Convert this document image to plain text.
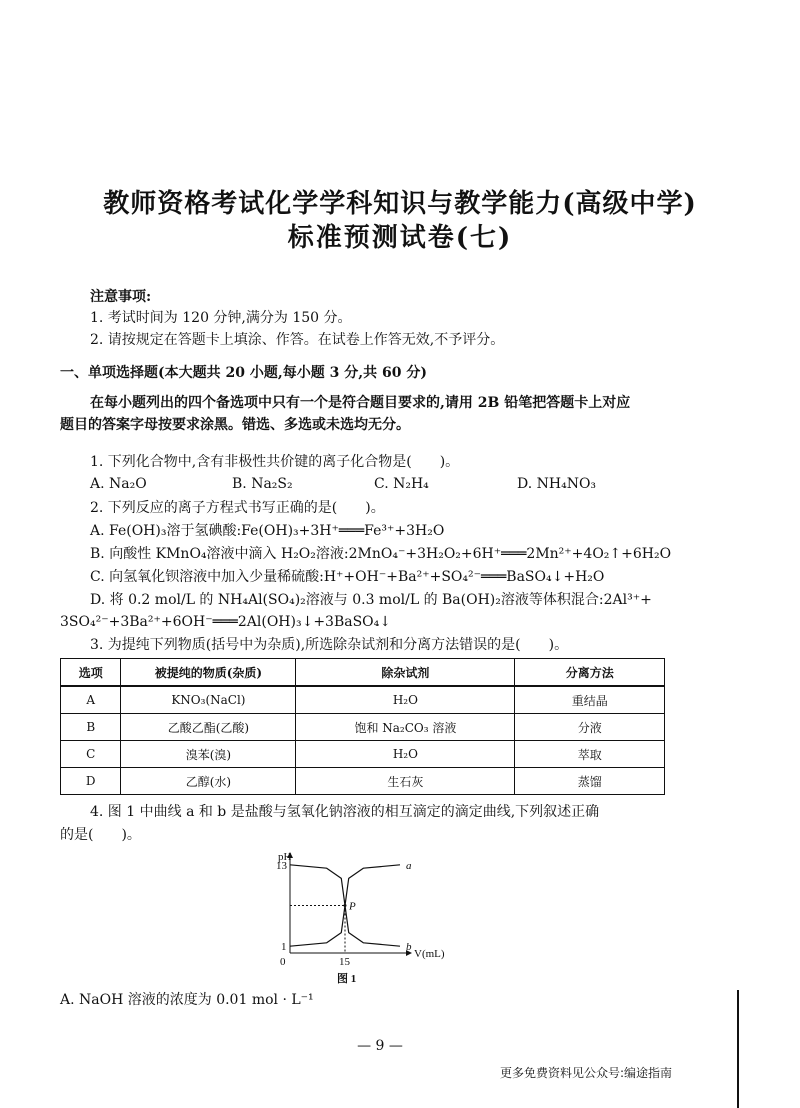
教师资格考试化学学科知识与教学能力(高级中学)
标准预测试卷(七)
注意事项:
1. 考试时间为 120 分钟,满分为 150 分。
2. 请按规定在答题卡上填涂、作答。在试卷上作答无效,不予评分。
一、单项选择题(本大题共 20 小题,每小题 3 分,共 60 分)
在每小题列出的四个备选项中只有一个是符合题目要求的,请用 2B 铅笔把答题卡上对应
题目的答案字母按要求涂黑。错选、多选或未选均无分。
1. 下列化合物中,含有非极性共价键的离子化合物是(　　)。
A. Na₂O	B. Na₂S₂	C. N₂H₄	D. NH₄NO₃
2. 下列反应的离子方程式书写正确的是(　　)。
A. Fe(OH)₃溶于氢碘酸:Fe(OH)₃+3H⁺═══Fe³⁺+3H₂O
B. 向酸性 KMnO₄溶液中滴入 H₂O₂溶液:2MnO₄⁻+3H₂O₂+6H⁺═══2Mn²⁺+4O₂↑+6H₂O
C. 向氢氧化钡溶液中加入少量稀硫酸:H⁺+OH⁻+Ba²⁺+SO₄²⁻═══BaSO₄↓+H₂O
D. 将 0.2 mol/L 的 NH₄Al(SO₄)₂溶液与 0.3 mol/L 的 Ba(OH)₂溶液等体积混合:2Al³⁺+
3SO₄²⁻+3Ba²⁺+6OH⁻═══2Al(OH)₃↓+3BaSO₄↓
3. 为提纯下列物质(括号中为杂质),所选除杂试剂和分离方法错误的是(　　)。
选项	被提纯的物质(杂质)	除杂试剂	分离方法
A	KNO₃(NaCl)	H₂O	重结晶
B	乙酸乙酯(乙酸)	饱和 Na₂CO₃ 溶液	分液
C	溴苯(溴)	H₂O	萃取
D	乙醇(水)	生石灰	蒸馏
4. 图 1 中曲线 a 和 b 是盐酸与氢氧化钠溶液的相互滴定的滴定曲线,下列叙述正确
的是(　　)。
pH
V(mL)
13
1
0	15
a
b
P
图 1
A. NaOH 溶液的浓度为 0.01 mol · L⁻¹
— 9 —
更多免费资料见公众号:编途指南
